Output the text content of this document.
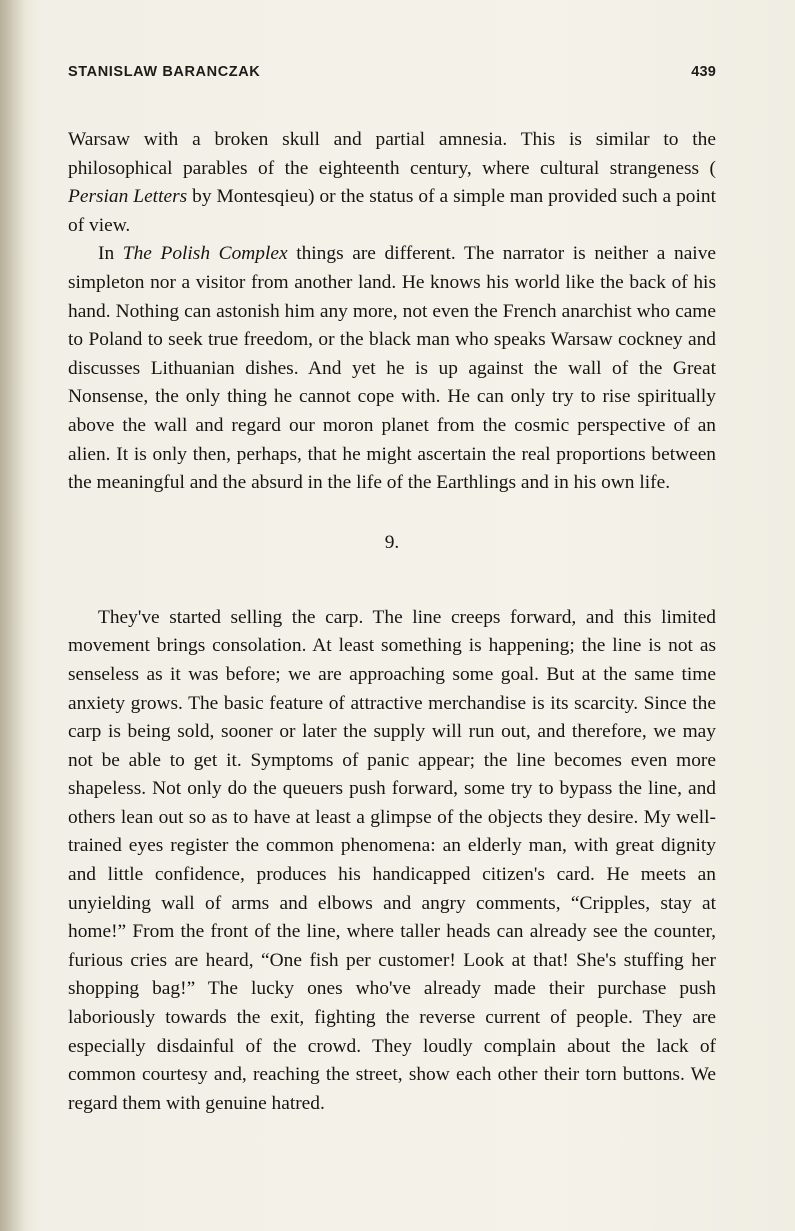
STANISLAW BARANCZAK	439

Warsaw with a broken skull and partial amnesia. This is similar to the philosophical parables of the eighteenth century, where cultural strangeness ( Persian Letters by Montesqieu) or the status of a simple man provided such a point of view.

In The Polish Complex things are different. The narrator is neither a naive simpleton nor a visitor from another land. He knows his world like the back of his hand. Nothing can astonish him any more, not even the French anarchist who came to Poland to seek true freedom, or the black man who speaks Warsaw cockney and discusses Lithuanian dishes. And yet he is up against the wall of the Great Nonsense, the only thing he cannot cope with. He can only try to rise spiritually above the wall and regard our moron planet from the cosmic perspective of an alien. It is only then, perhaps, that he might ascertain the real proportions between the meaningful and the absurd in the life of the Earthlings and in his own life.

9.

They've started selling the carp. The line creeps forward, and this limited movement brings consolation. At least something is happening; the line is not as senseless as it was before; we are approaching some goal. But at the same time anxiety grows. The basic feature of attractive merchandise is its scarcity. Since the carp is being sold, sooner or later the supply will run out, and therefore, we may not be able to get it. Symptoms of panic appear; the line becomes even more shapeless. Not only do the queuers push forward, some try to bypass the line, and others lean out so as to have at least a glimpse of the objects they desire. My well-trained eyes register the common phenomena: an elderly man, with great dignity and little confidence, produces his handicapped citizen's card. He meets an unyielding wall of arms and elbows and angry comments, “Cripples, stay at home!” From the front of the line, where taller heads can already see the counter, furious cries are heard, “One fish per customer! Look at that! She's stuffing her shopping bag!” The lucky ones who've already made their purchase push laboriously towards the exit, fighting the reverse current of people. They are especially disdainful of the crowd. They loudly complain about the lack of common courtesy and, reaching the street, show each other their torn buttons. We regard them with genuine hatred.
